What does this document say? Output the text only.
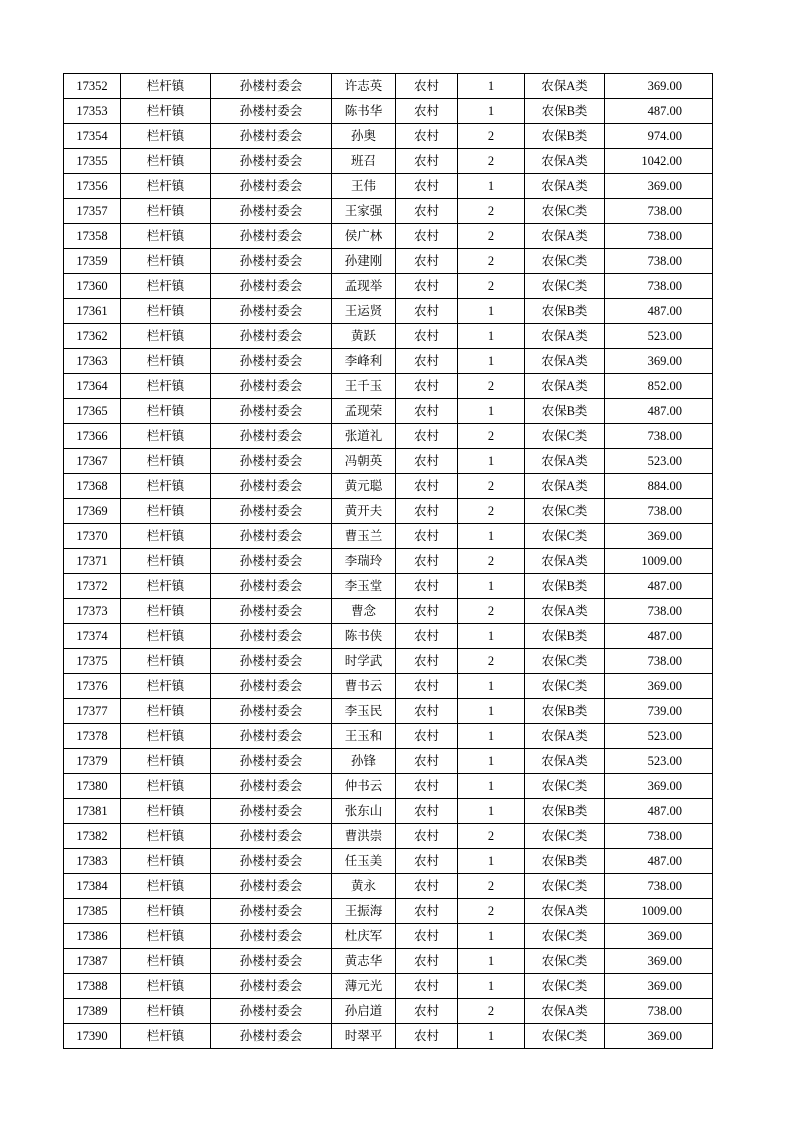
17352	栏杆镇	孙楼村委会	许志英	农村	1	农保A类	369.00
17353	栏杆镇	孙楼村委会	陈书华	农村	1	农保B类	487.00
17354	栏杆镇	孙楼村委会	孙奥	农村	2	农保B类	974.00
17355	栏杆镇	孙楼村委会	班召	农村	2	农保A类	1042.00
17356	栏杆镇	孙楼村委会	王伟	农村	1	农保A类	369.00
17357	栏杆镇	孙楼村委会	王家强	农村	2	农保C类	738.00
17358	栏杆镇	孙楼村委会	侯广林	农村	2	农保A类	738.00
17359	栏杆镇	孙楼村委会	孙建刚	农村	2	农保C类	738.00
17360	栏杆镇	孙楼村委会	孟现举	农村	2	农保C类	738.00
17361	栏杆镇	孙楼村委会	王运贤	农村	1	农保B类	487.00
17362	栏杆镇	孙楼村委会	黄跃	农村	1	农保A类	523.00
17363	栏杆镇	孙楼村委会	李峰利	农村	1	农保A类	369.00
17364	栏杆镇	孙楼村委会	王千玉	农村	2	农保A类	852.00
17365	栏杆镇	孙楼村委会	孟现荣	农村	1	农保B类	487.00
17366	栏杆镇	孙楼村委会	张道礼	农村	2	农保C类	738.00
17367	栏杆镇	孙楼村委会	冯朝英	农村	1	农保A类	523.00
17368	栏杆镇	孙楼村委会	黄元聪	农村	2	农保A类	884.00
17369	栏杆镇	孙楼村委会	黄开夫	农村	2	农保C类	738.00
17370	栏杆镇	孙楼村委会	曹玉兰	农村	1	农保C类	369.00
17371	栏杆镇	孙楼村委会	李瑞玲	农村	2	农保A类	1009.00
17372	栏杆镇	孙楼村委会	李玉堂	农村	1	农保B类	487.00
17373	栏杆镇	孙楼村委会	曹念	农村	2	农保A类	738.00
17374	栏杆镇	孙楼村委会	陈书侠	农村	1	农保B类	487.00
17375	栏杆镇	孙楼村委会	时学武	农村	2	农保C类	738.00
17376	栏杆镇	孙楼村委会	曹书云	农村	1	农保C类	369.00
17377	栏杆镇	孙楼村委会	李玉民	农村	1	农保B类	739.00
17378	栏杆镇	孙楼村委会	王玉和	农村	1	农保A类	523.00
17379	栏杆镇	孙楼村委会	孙锋	农村	1	农保A类	523.00
17380	栏杆镇	孙楼村委会	仲书云	农村	1	农保C类	369.00
17381	栏杆镇	孙楼村委会	张东山	农村	1	农保B类	487.00
17382	栏杆镇	孙楼村委会	曹洪崇	农村	2	农保C类	738.00
17383	栏杆镇	孙楼村委会	任玉美	农村	1	农保B类	487.00
17384	栏杆镇	孙楼村委会	黄永	农村	2	农保C类	738.00
17385	栏杆镇	孙楼村委会	王振海	农村	2	农保A类	1009.00
17386	栏杆镇	孙楼村委会	杜庆军	农村	1	农保C类	369.00
17387	栏杆镇	孙楼村委会	黄志华	农村	1	农保C类	369.00
17388	栏杆镇	孙楼村委会	薄元光	农村	1	农保C类	369.00
17389	栏杆镇	孙楼村委会	孙启道	农村	2	农保A类	738.00
17390	栏杆镇	孙楼村委会	时翠平	农村	1	农保C类	369.00
